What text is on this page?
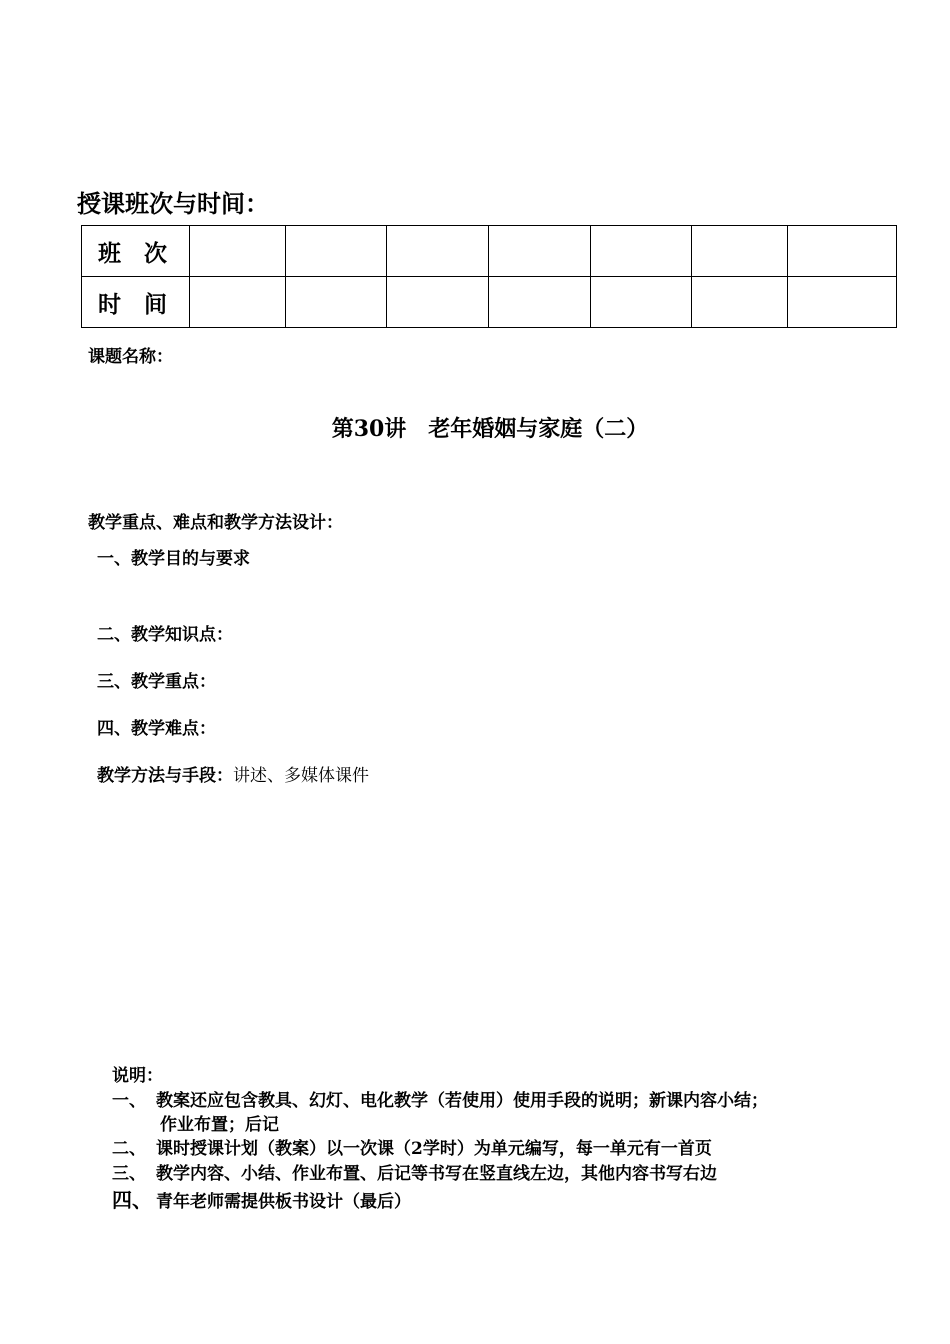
授课班次与时间：
班　次							
时　间							
课题名称：
第30讲　老年婚姻与家庭（二）
教学重点、难点和教学方法设计：
一、教学目的与要求
二、教学知识点：
三、教学重点：
四、教学难点：
教学方法与手段：讲述、多媒体课件
说明：
一、 教案还应包含教具、幻灯、电化教学（若使用）使用手段的说明；新课内容小结；
作业布置；后记
二、 课时授课计划（教案）以一次课（2学时）为单元编写，每一单元有一首页
三、 教学内容、小结、作业布置、后记等书写在竖直线左边，其他内容书写右边
四、 青年老师需提供板书设计（最后）
